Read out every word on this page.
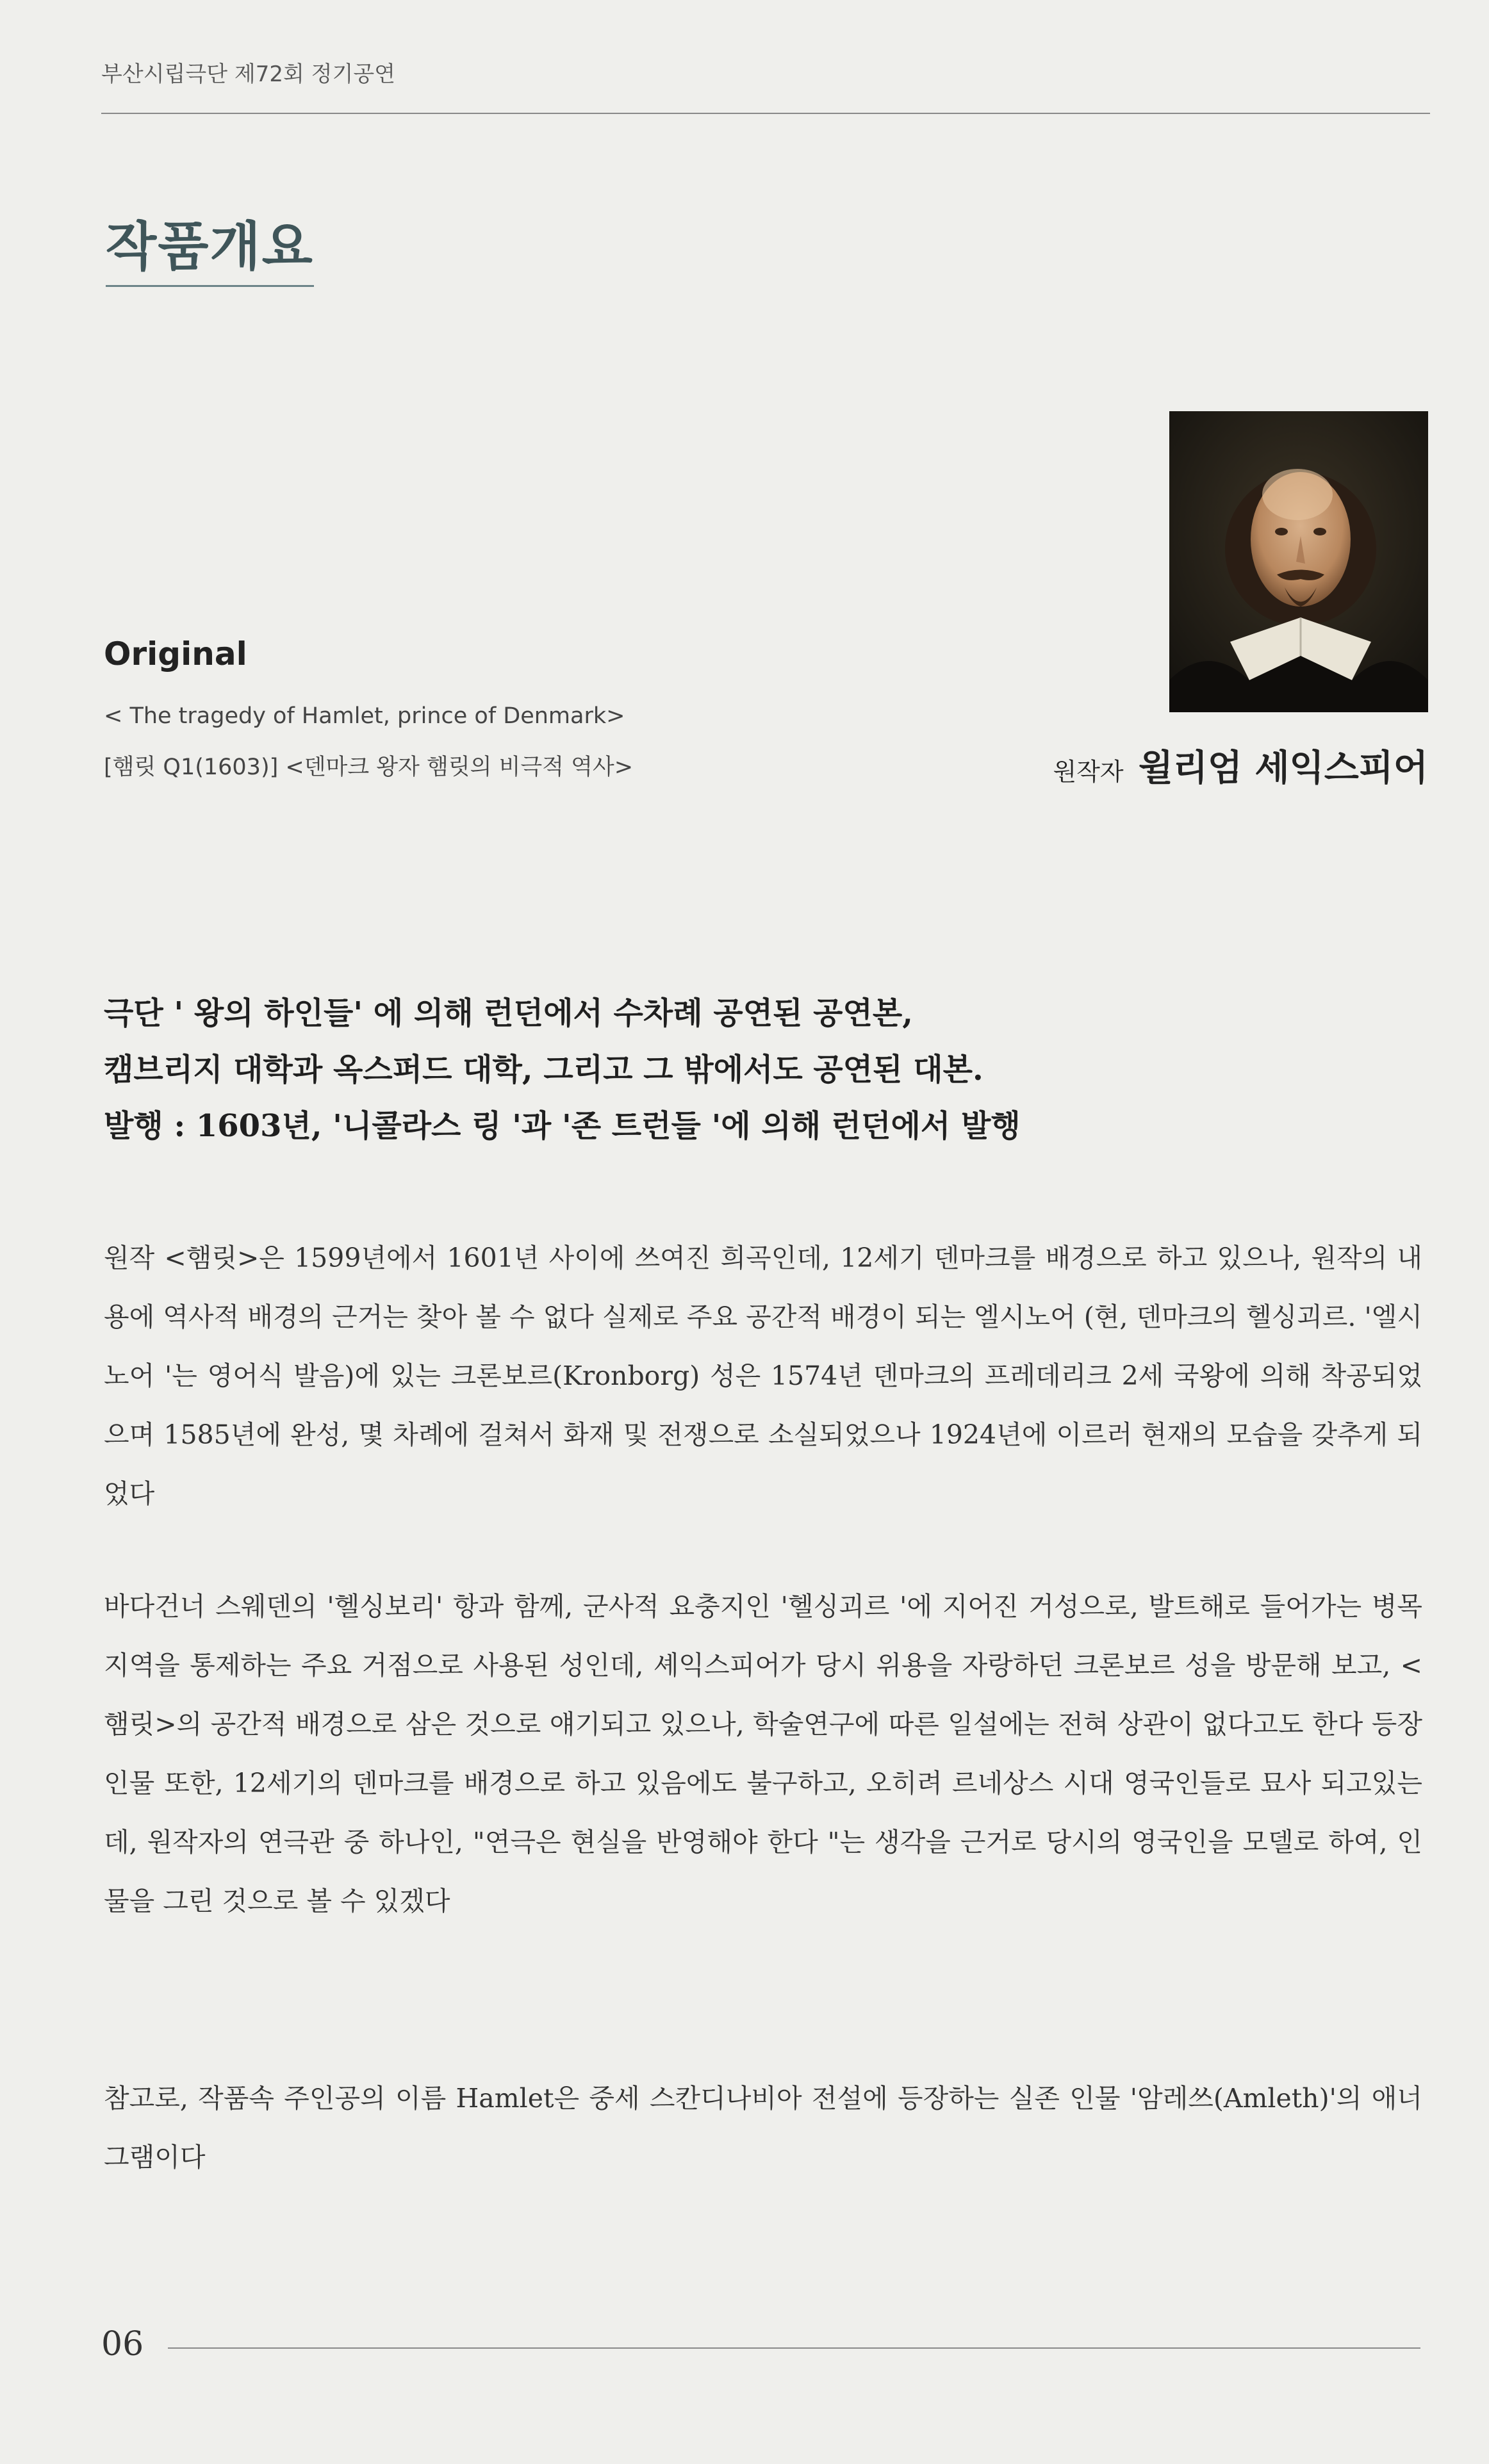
부산시립극단 제72회 정기공연
작품개요
Original
< The tragedy of Hamlet, prince of Denmark>
[햄릿 Q1(1603)] <덴마크 왕자 햄릿의 비극적 역사>	원작자 윌리엄 세익스피어
극단 ' 왕의 하인들' 에 의해 런던에서 수차례 공연된 공연본,
캠브리지 대학과 옥스퍼드 대학, 그리고 그 밖에서도 공연된 대본.
발행 : 1603년, '니콜라스 링 '과 '존 트런들 '에 의해 런던에서 발행
원작 <햄릿>은 1599년에서 1601년 사이에 쓰여진 희곡인데, 12세기 덴마크를 배경으로 하고 있으나, 원작의 내용에 역사적 배경의 근거는 찾아 볼 수 없다 실제로 주요 공간적 배경이 되는 엘시노어 (현, 덴마크의 헬싱괴르. '엘시노어 '는 영어식 발음)에 있는 크론보르(Kronborg) 성은 1574년 덴마크의 프레데리크 2세 국왕에 의해 착공되었으며 1585년에 완성, 몇 차례에 걸쳐서 화재 및 전쟁으로 소실되었으나 1924년에 이르러 현재의 모습을 갖추게 되었다
바다건너 스웨덴의 '헬싱보리' 항과 함께, 군사적 요충지인 '헬싱괴르 '에 지어진 거성으로, 발트해로 들어가는 병목지역을 통제하는 주요 거점으로 사용된 성인데, 셰익스피어가 당시 위용을 자랑하던 크론보르 성을 방문해 보고, <햄릿>의 공간적 배경으로 삼은 것으로 얘기되고 있으나, 학술연구에 따른 일설에는 전혀 상관이 없다고도 한다 등장인물 또한, 12세기의 덴마크를 배경으로 하고 있음에도 불구하고, 오히려 르네상스 시대 영국인들로 묘사 되고있는데, 원작자의 연극관 중 하나인, "연극은 현실을 반영해야 한다 "는 생각을 근거로 당시의 영국인을 모델로 하여, 인물을 그린 것으로 볼 수 있겠다
참고로, 작품속 주인공의 이름 Hamlet은 중세 스칸디나비아 전설에 등장하는 실존 인물 '암레쓰(Amleth)'의 애너그램이다
06
